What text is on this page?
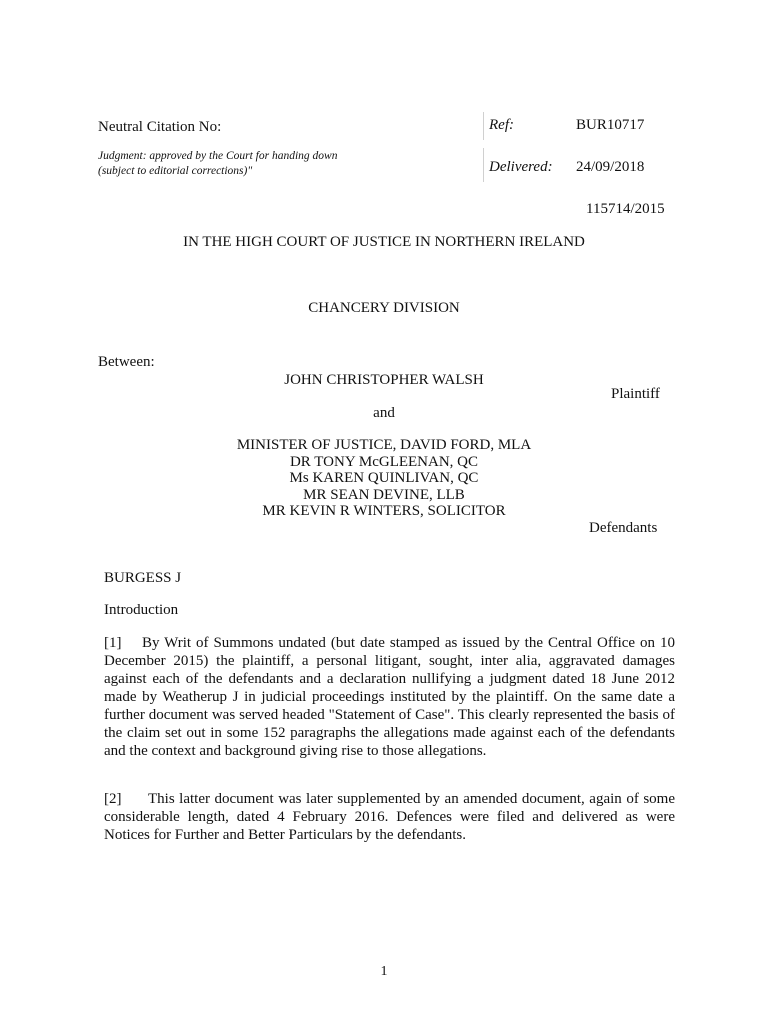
Neutral Citation No:
Judgment: approved by the Court for handing down
(subject to editorial corrections)"
Ref:	BUR10717
Delivered: 24/09/2018
115714/2015
IN THE HIGH COURT OF JUSTICE IN NORTHERN IRELAND
CHANCERY DIVISION
Between:
JOHN CHRISTOPHER WALSH
Plaintiff
and
MINISTER OF JUSTICE, DAVID FORD, MLA
DR TONY McGLEENAN, QC
Ms KAREN QUINLIVAN, QC
MR SEAN DEVINE, LLB
MR KEVIN R WINTERS, SOLICITOR
Defendants
BURGESS J
Introduction
[1] By Writ of Summons undated (but date stamped as issued by the Central Office on 10 December 2015) the plaintiff, a personal litigant, sought, inter alia, aggravated damages against each of the defendants and a declaration nullifying a judgment dated 18 June 2012 made by Weatherup J in judicial proceedings instituted by the plaintiff. On the same date a further document was served headed "Statement of Case". This clearly represented the basis of the claim set out in some 152 paragraphs the allegations made against each of the defendants and the context and background giving rise to those allegations.
[2] This latter document was later supplemented by an amended document, again of some considerable length, dated 4 February 2016. Defences were filed and delivered as were Notices for Further and Better Particulars by the defendants.
1
